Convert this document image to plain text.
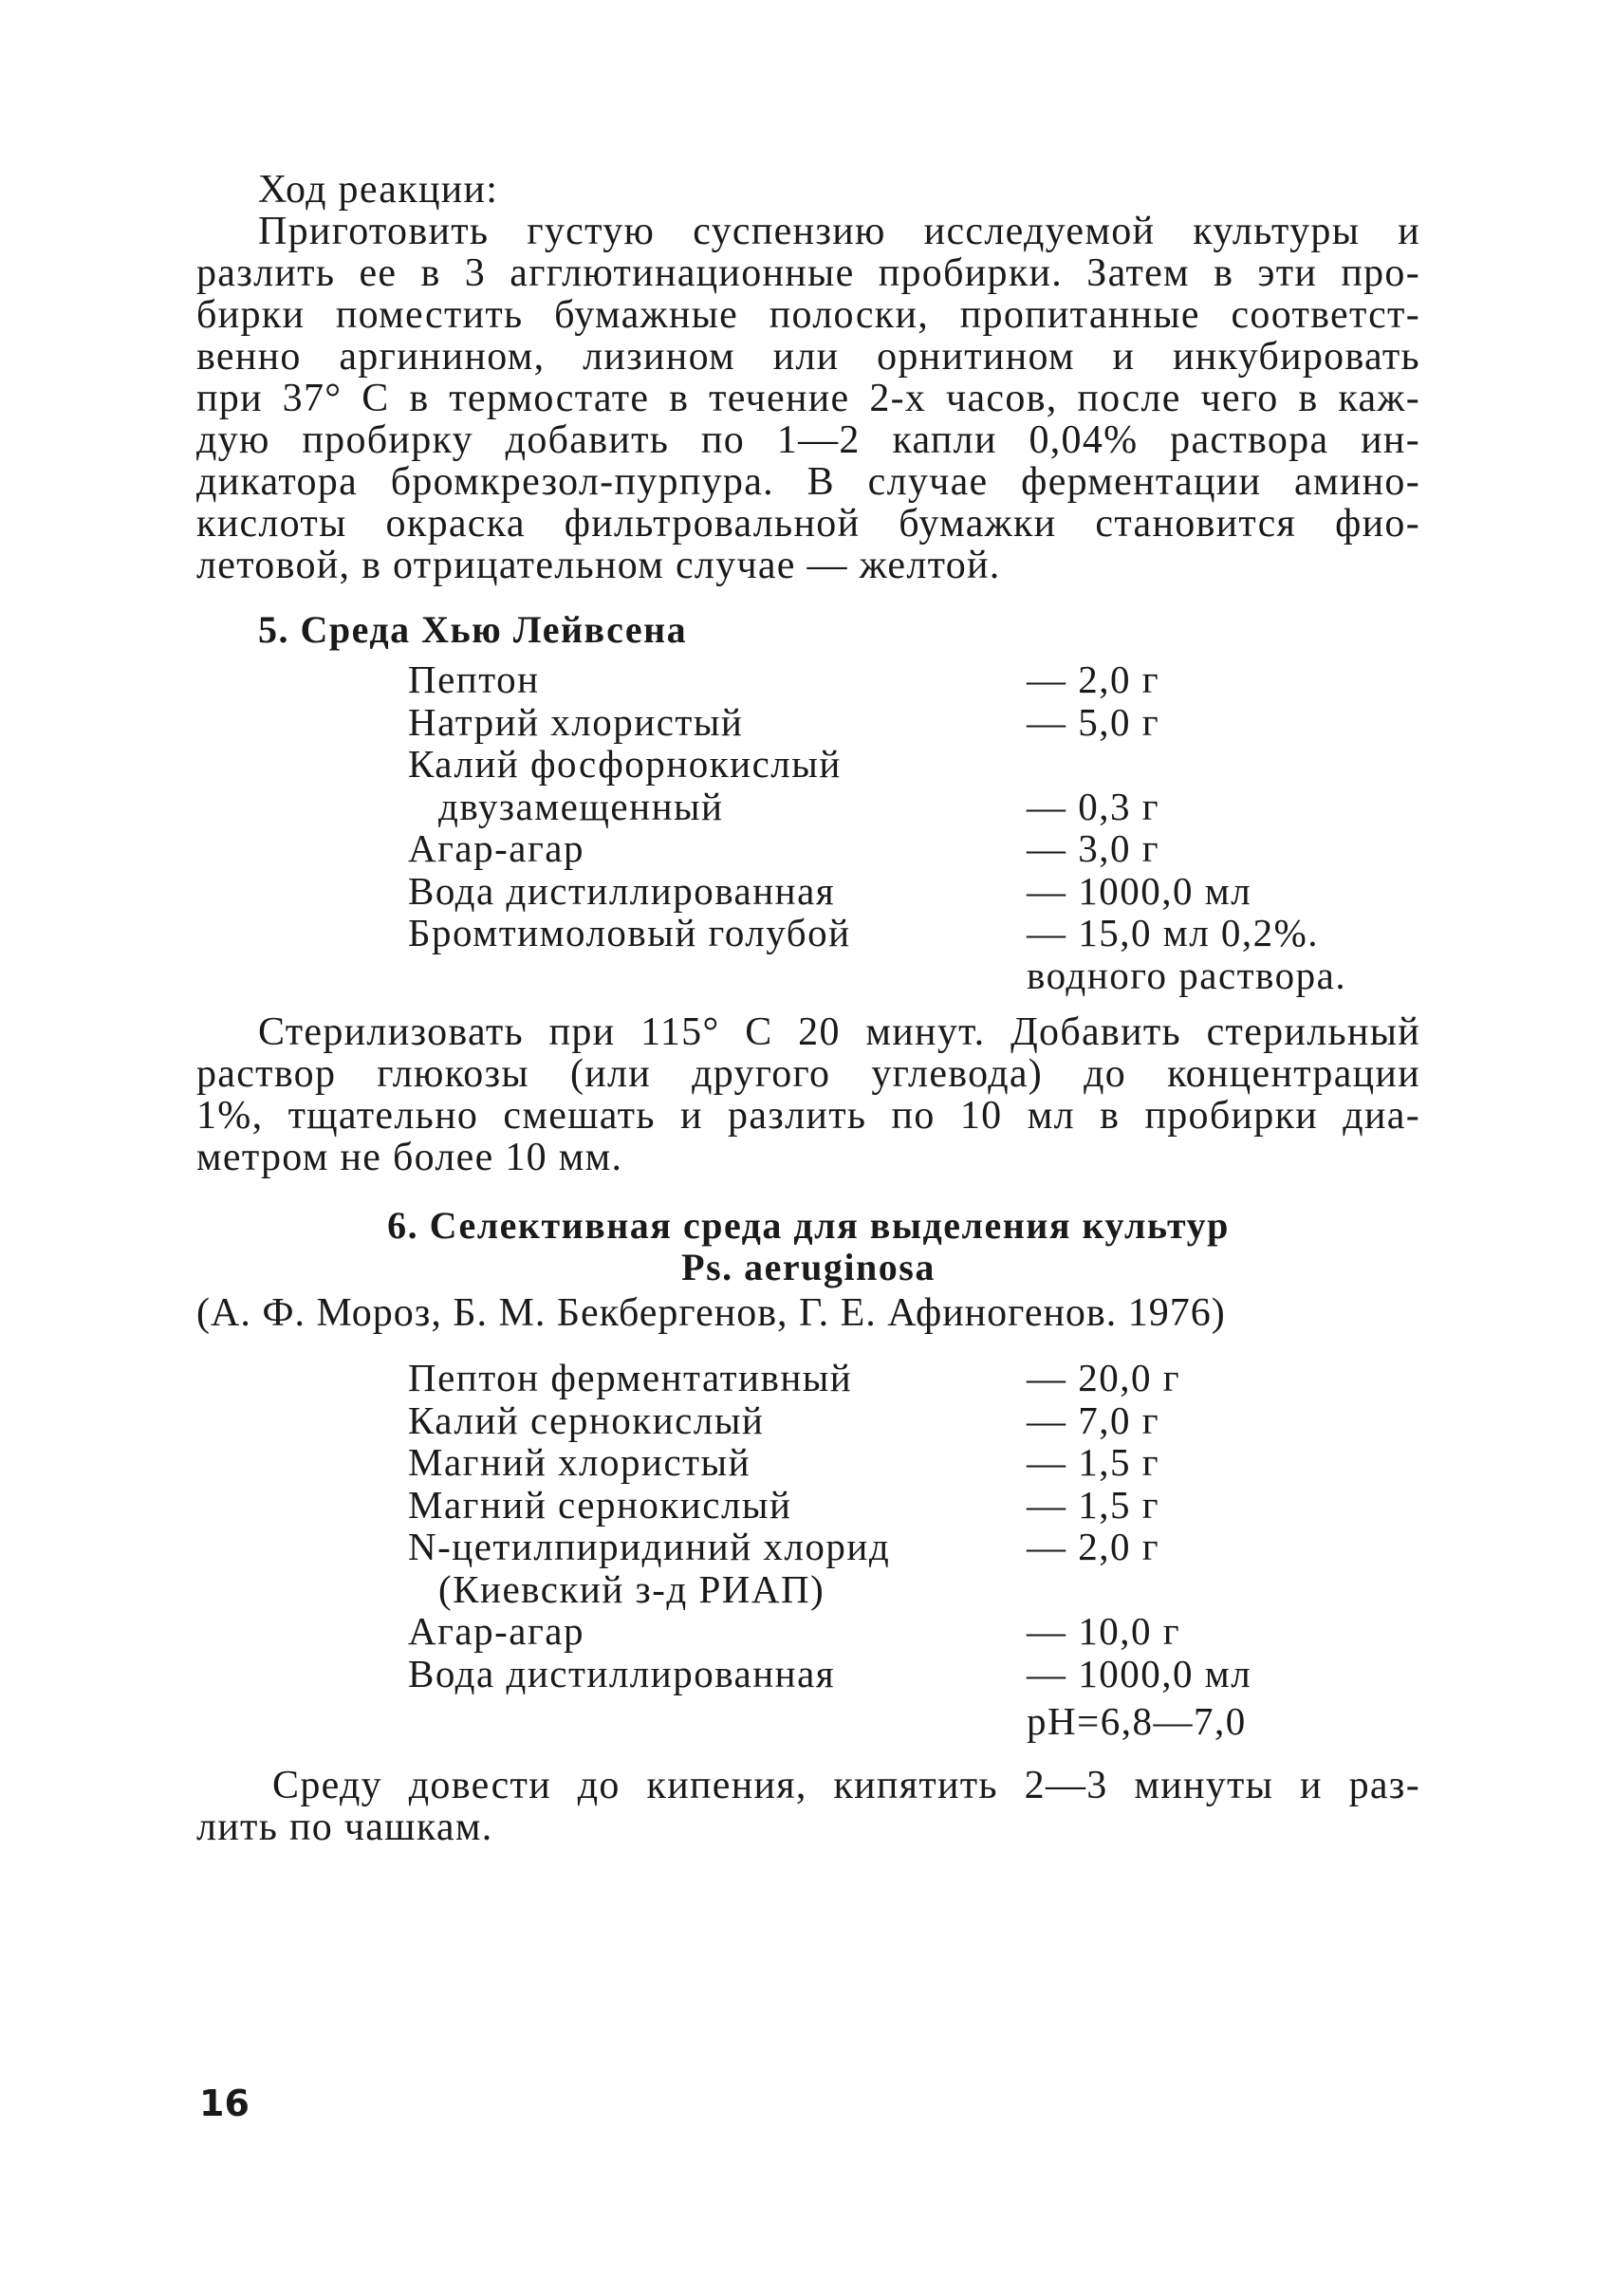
Ход реакции:

Приготовить густую суспензию исследуемой культуры и
разлить ее в 3 агглютинационные пробирки. Затем в эти про-
бирки поместить бумажные полоски, пропитанные соответст-
венно аргинином, лизином или орнитином и инкубировать
при 37° С в термостате в течение 2-х часов, после чего в каж-
дую пробирку добавить по 1—2 капли 0,04% раствора ин-
дикатора бромкрезол-пурпура. В случае ферментации амино-
кислоты окраска фильтровальной бумажки становится фио-
летовой, в отрицательном случае — желтой.

5. Среда Хью Лейвсена

Пептон	— 2,0 г
Натрий хлористый	— 5,0 г
Калий фосфорнокислый
двузамещенный	— 0,3 г
Агар-агар	— 3,0 г
Вода дистиллированная	— 1000,0 мл
Бромтимоловый голубой	— 15,0 мл 0,2%.
водного раствора.
Стерилизовать при 115° С 20 минут. Добавить стерильный
раствор глюкозы (или другого углевода) до концентрации
1%, тщательно смешать и разлить по 10 мл в пробирки диа-
метром не более 10 мм.

6. Селективная среда для выделения культур

Ps. aeruginosa

(А. Ф. Мороз, Б. М. Бекбергенов, Г. Е. Афиногенов. 1976)

Пептон ферментативный	— 20,0 г
Калий сернокислый	— 7,0 г
Магний хлористый	— 1,5 г
Магний сернокислый	— 1,5 г
N-цетилпиридиний хлорид	— 2,0 г
(Киевский з-д РИАП)
Агар-агар	— 10,0 г
Вода дистиллированная	— 1000,0 мл
pH=6,8—7,0
Среду довести до кипения, кипятить 2—3 минуты и раз-
лить по чашкам.
16
